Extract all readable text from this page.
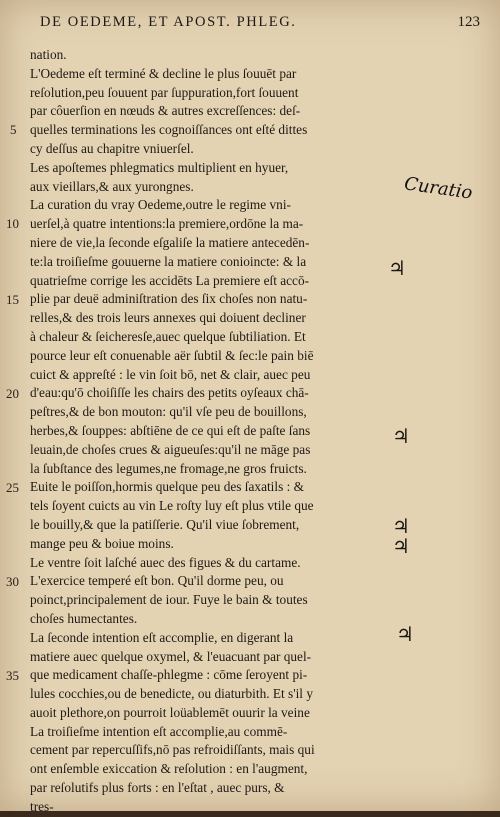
DE OEDEME, ET APOST. PHLEG.	123
nation.
L'Oedeme eſt terminé & decline le plus ſouuēt par
reſolution,peu ſouuent par ſuppuration,fort ſouuent
par côuerſion en nœuds & autres excreſſences: deſ-
quelles terminations les cognoiſſances ont eſté dittes
cy deſſus au chapitre vniuerſel.
Les apoſtemes phlegmatics multiplient en hyuer,
aux vieillars,& aux yurongnes.
La curation du vray Oedeme,outre le regime vni-
uerſel,à quatre intentions:la premiere,ordōne la ma-
niere de vie,la ſeconde eſgaliſe la matiere antecedēn-
te:la troiſieſme gouuerne la matiere conioincte: & la
quatrieſme corrige les accidēts La premiere eſt accō-
plie par deuë adminiſtration des ſix choſes non natu-
relles,& des trois leurs annexes qui doiuent decliner
à chaleur & ſeicheresſe,auec quelque ſubtiliation. Et
pource leur eſt conuenable aër ſubtil & ſec:le pain biē
cuict & appreſté : le vin ſoit bō, net & clair, auec peu
d'eau:qu'ō choiſiſſe les chairs des petits oyſeaux chā-
peſtres,& de bon mouton: qu'il vſe peu de bouillons,
herbes,& ſouppes: abſtiēne de ce qui eſt de paſte ſans
leuain,de choſes crues & aigueuſes:qu'il ne māge pas
la ſubſtance des legumes,ne fromage,ne gros fruicts.
Euite le poiſſon,hormis quelque peu des ſaxatils : &
tels ſoyent cuicts au vin Le roſty luy eſt plus vtile que
le bouilly,& que la patiſſerie. Qu'il viue ſobrement,
mange peu & boiue moins.
Le ventre ſoit laſché auec des figues & du cartame.
L'exercice temperé eſt bon. Qu'il dorme peu, ou
poinct,principalement de iour. Fuye le bain & toutes
choſes humectantes.
La ſeconde intention eſt accomplie, en digerant la
matiere auec quelque oxymel, & l'euacuant par quel-
que medicament chaſſe-phlegme : cōme ſeroyent pi-
lules cocchies,ou de benedicte, ou diaturbith. Et s'il y
auoit plethore,on pourroit loüablemēt ouurir la veine
La troiſieſme intention eſt accomplie,au commē-
cement par repercuſſifs,nō pas refroidiſſants, mais qui
ont enſemble exiccation & reſolution : en l'augment,
par reſolutifs plus forts : en l'eſtat , auec purs, &
tres-
5
10
15
20
25
30
35
Curatio
♃
♃
♃
♃
♃
